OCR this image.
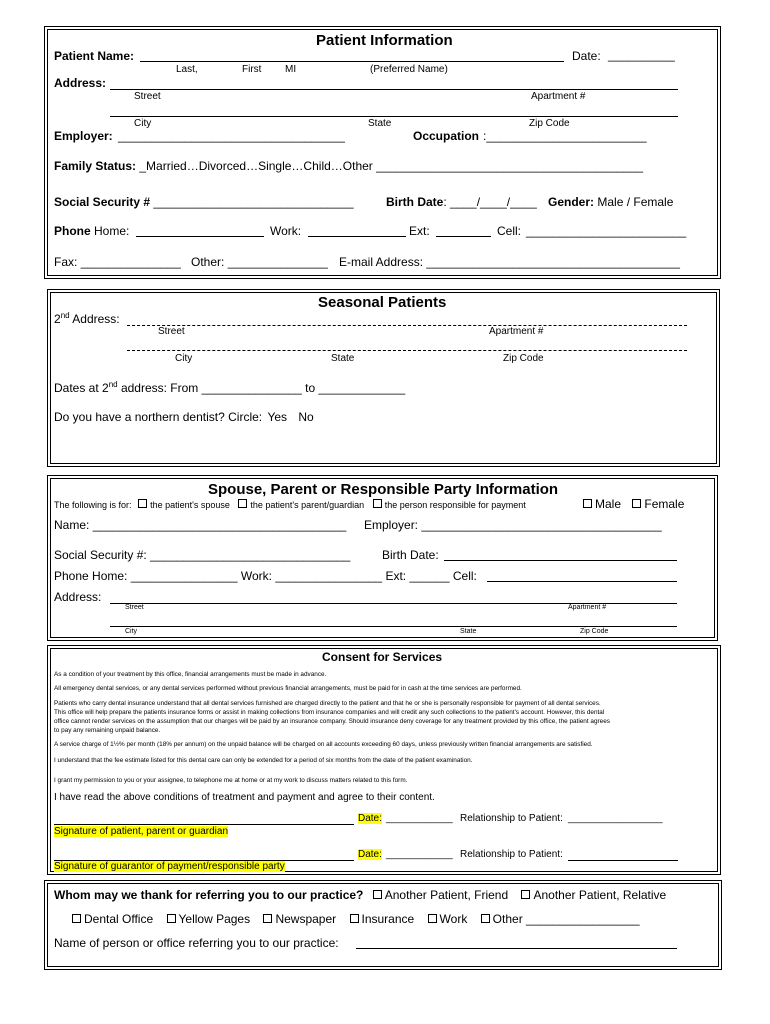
Patient Information
Patient Name:	Date: __________
Last,	First MI	(Preferred Name)
Address:
Street	Apartment #
City	State	Zip Code
Employer: __________________________________	Occupation :________________________
Family Status: _Married…Divorced…Single…Child…Other ________________________________________
Social Security # ______________________________	Birth Date: ____/____/____ Gender: Male / Female
Phone Home:	Work:	Ext:	Cell: ________________________
Fax: _______________ Other: _______________ E-mail Address: ______________________________________
Seasonal Patients
2nd Address:
Street	Apartment #
City	State	Zip Code
Dates at 2nd address: From _______________ to _____________
Do you have a northern dentist? Circle: Yes No
Spouse, Parent or Responsible Party Information
The following is for: the patient's spouse the patient's parent/guardian the person responsible for payment	Male Female
Name: ______________________________________ Employer: ____________________________________
Social Security #: ______________________________	Birth Date:
Phone Home: ________________ Work: ________________ Ext: ______ Cell:
Address:
Street	Apartment #
City	State	Zip Code
Consent for Services
As a condition of your treatment by this office, financial arrangements must be made in advance.
All emergency dental services, or any dental services performed without previous financial arrangements, must be paid for in cash at the time services are performed.
Patients who carry dental insurance understand that all dental services furnished are charged directly to the patient and that he or she is personally responsible for payment of all dental services.
This office will help prepare the patients insurance forms or assist in making collections from insurance companies and will credit any such collections to the patient's account. However, this dental
office cannot render services on the assumption that our charges will be paid by an insurance company. Should insurance deny coverage for any treatment provided by this office, the patient agrees
to pay any remaining unpaid balance.
A service charge of 1½% per month (18% per annum) on the unpaid balance will be charged on all accounts exceeding 60 days, unless previously written financial arrangements are satisfied.
I understand that the fee estimate listed for this dental care can only be extended for a period of six months from the date of the patient examination.
I grant my permission to you or your assignee, to telephone me at home or at my work to discuss matters related to this form.
I have read the above conditions of treatment and payment and agree to their content.
Date: ____________ Relationship to Patient: _________________
Signature of patient, parent or guardian
Date: ____________ Relationship to Patient:
Signature of guarantor of payment/responsible party
Whom may we thank for referring you to our practice? Another Patient, Friend Another Patient, Relative
Dental Office Yellow Pages Newspaper Insurance Work Other _________________
Name of person or office referring you to our practice:
